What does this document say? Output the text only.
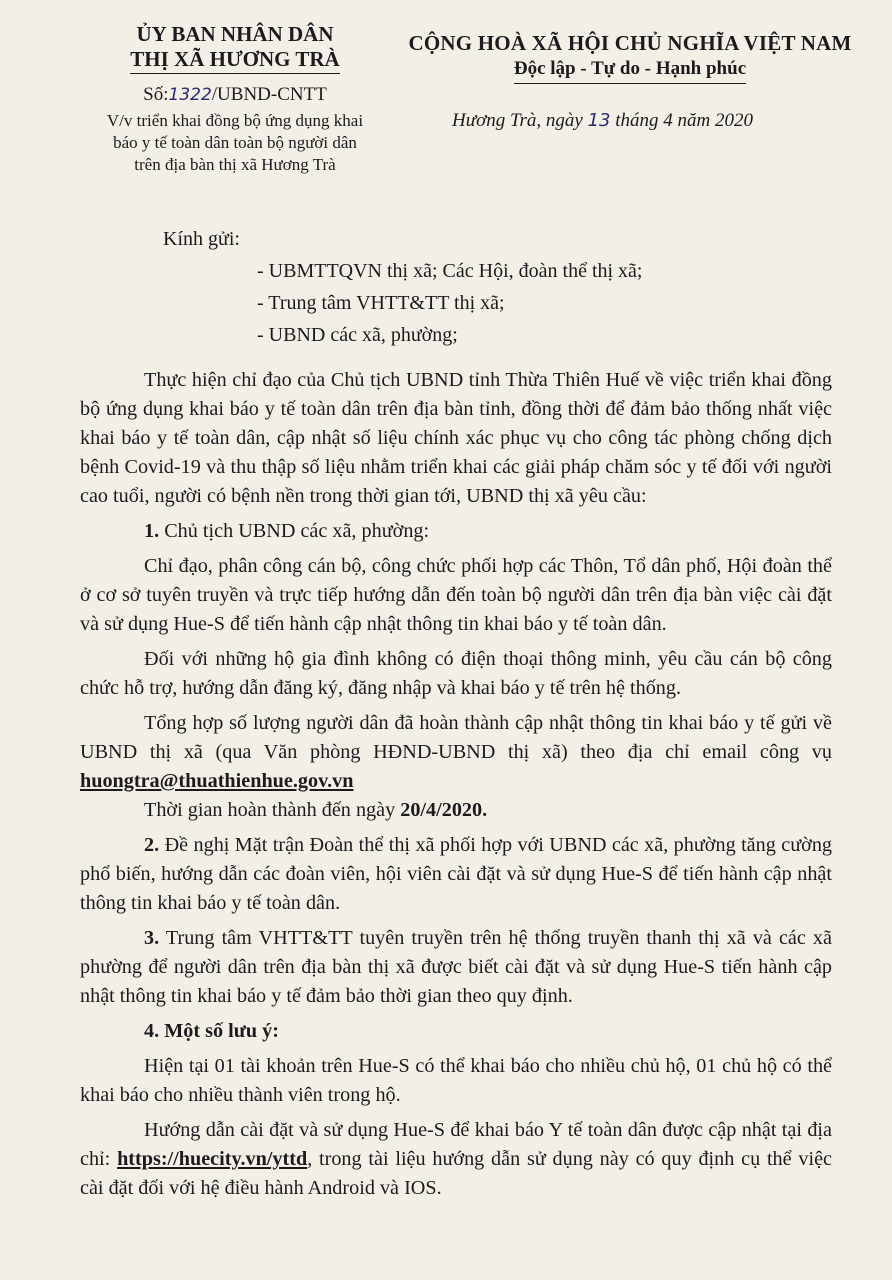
ỦY BAN NHÂN DÂN
THỊ XÃ HƯƠNG TRÀ
Số:1322/UBND-CNTT
V/v triển khai đồng bộ ứng dụng khai
báo y tế toàn dân toàn bộ người dân
trên địa bàn thị xã Hương Trà
CỘNG HOÀ XÃ HỘI CHỦ NGHĨA VIỆT NAM
Độc lập - Tự do - Hạnh phúc
Hương Trà, ngày 13 tháng 4 năm 2020
Kính gửi:
- UBMTTQVN thị xã; Các Hội, đoàn thể thị xã;
- Trung tâm VHTT&TT thị xã;
- UBND các xã, phường;

Thực hiện chỉ đạo của Chủ tịch UBND tỉnh Thừa Thiên Huế về việc triển khai đồng bộ ứng dụng khai báo y tế toàn dân trên địa bàn tỉnh, đồng thời để đảm bảo thống nhất việc khai báo y tế toàn dân, cập nhật số liệu chính xác phục vụ cho công tác phòng chống dịch bệnh Covid-19 và thu thập số liệu nhằm triển khai các giải pháp chăm sóc y tế đối với người cao tuổi, người có bệnh nền trong thời gian tới, UBND thị xã yêu cầu:

1. Chủ tịch UBND các xã, phường:

Chỉ đạo, phân công cán bộ, công chức phối hợp các Thôn, Tổ dân phố, Hội đoàn thể ở cơ sở tuyên truyền và trực tiếp hướng dẫn đến toàn bộ người dân trên địa bàn việc cài đặt và sử dụng Hue-S để tiến hành cập nhật thông tin khai báo y tế toàn dân.

Đối với những hộ gia đình không có điện thoại thông minh, yêu cầu cán bộ công chức hỗ trợ, hướng dẫn đăng ký, đăng nhập và khai báo y tế trên hệ thống.

Tổng hợp số lượng người dân đã hoàn thành cập nhật thông tin khai báo y tế gửi về UBND thị xã (qua Văn phòng HĐND-UBND thị xã) theo địa chỉ email công vụ huongtra@thuathienhue.gov.vn

Thời gian hoàn thành đến ngày 20/4/2020.

2. Đề nghị Mặt trận Đoàn thể thị xã phối hợp với UBND các xã, phường tăng cường phổ biến, hướng dẫn các đoàn viên, hội viên cài đặt và sử dụng Hue-S để tiến hành cập nhật thông tin khai báo y tế toàn dân.

3. Trung tâm VHTT&TT tuyên truyền trên hệ thống truyền thanh thị xã và các xã phường để người dân trên địa bàn thị xã được biết cài đặt và sử dụng Hue-S tiến hành cập nhật thông tin khai báo y tế đảm bảo thời gian theo quy định.

4. Một số lưu ý:

Hiện tại 01 tài khoản trên Hue-S có thể khai báo cho nhiều chủ hộ, 01 chủ hộ có thể khai báo cho nhiều thành viên trong hộ.

Hướng dẫn cài đặt và sử dụng Hue-S để khai báo Y tế toàn dân được cập nhật tại địa chỉ: https://huecity.vn/yttd, trong tài liệu hướng dẫn sử dụng này có quy định cụ thể việc cài đặt đối với hệ điều hành Android và IOS.
